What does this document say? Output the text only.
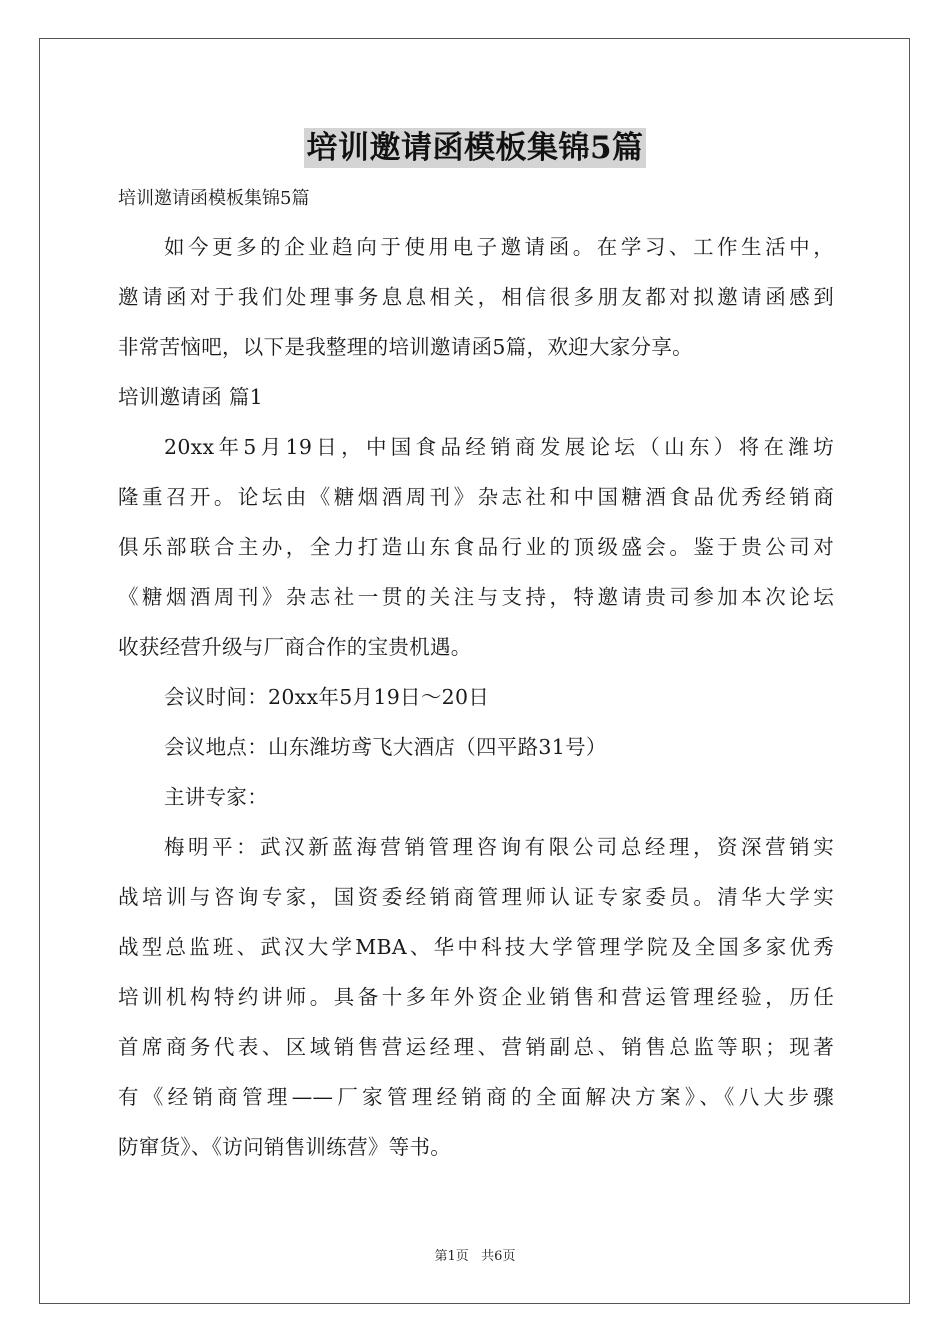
培训邀请函模板集锦5篇
培训邀请函模板集锦5篇
如今更多的企业趋向于使用电子邀请函。在学习、工作生活中，
邀请函对于我们处理事务息息相关，相信很多朋友都对拟邀请函感到
非常苦恼吧，以下是我整理的培训邀请函5篇，欢迎大家分享。
培训邀请函 篇1
20xx年5月19日，中国食品经销商发展论坛（山东）将在潍坊
隆重召开。论坛由《糖烟酒周刊》杂志社和中国糖酒食品优秀经销商
俱乐部联合主办，全力打造山东食品行业的顶级盛会。鉴于贵公司对
《糖烟酒周刊》杂志社一贯的关注与支持，特邀请贵司参加本次论坛
收获经营升级与厂商合作的宝贵机遇。
会议时间：20xx年5月19日～20日
会议地点：山东潍坊鸢飞大酒店（四平路31号）
主讲专家：
梅明平：武汉新蓝海营销管理咨询有限公司总经理，资深营销实
战培训与咨询专家，国资委经销商管理师认证专家委员。清华大学实
战型总监班、武汉大学MBA、华中科技大学管理学院及全国多家优秀
培训机构特约讲师。具备十多年外资企业销售和营运管理经验，历任
首席商务代表、区域销售营运经理、营销副总、销售总监等职；现著
有《经销商管理——厂家管理经销商的全面解决方案》、《八大步骤
防窜货》、《访问销售训练营》等书。
第1页   共6页
